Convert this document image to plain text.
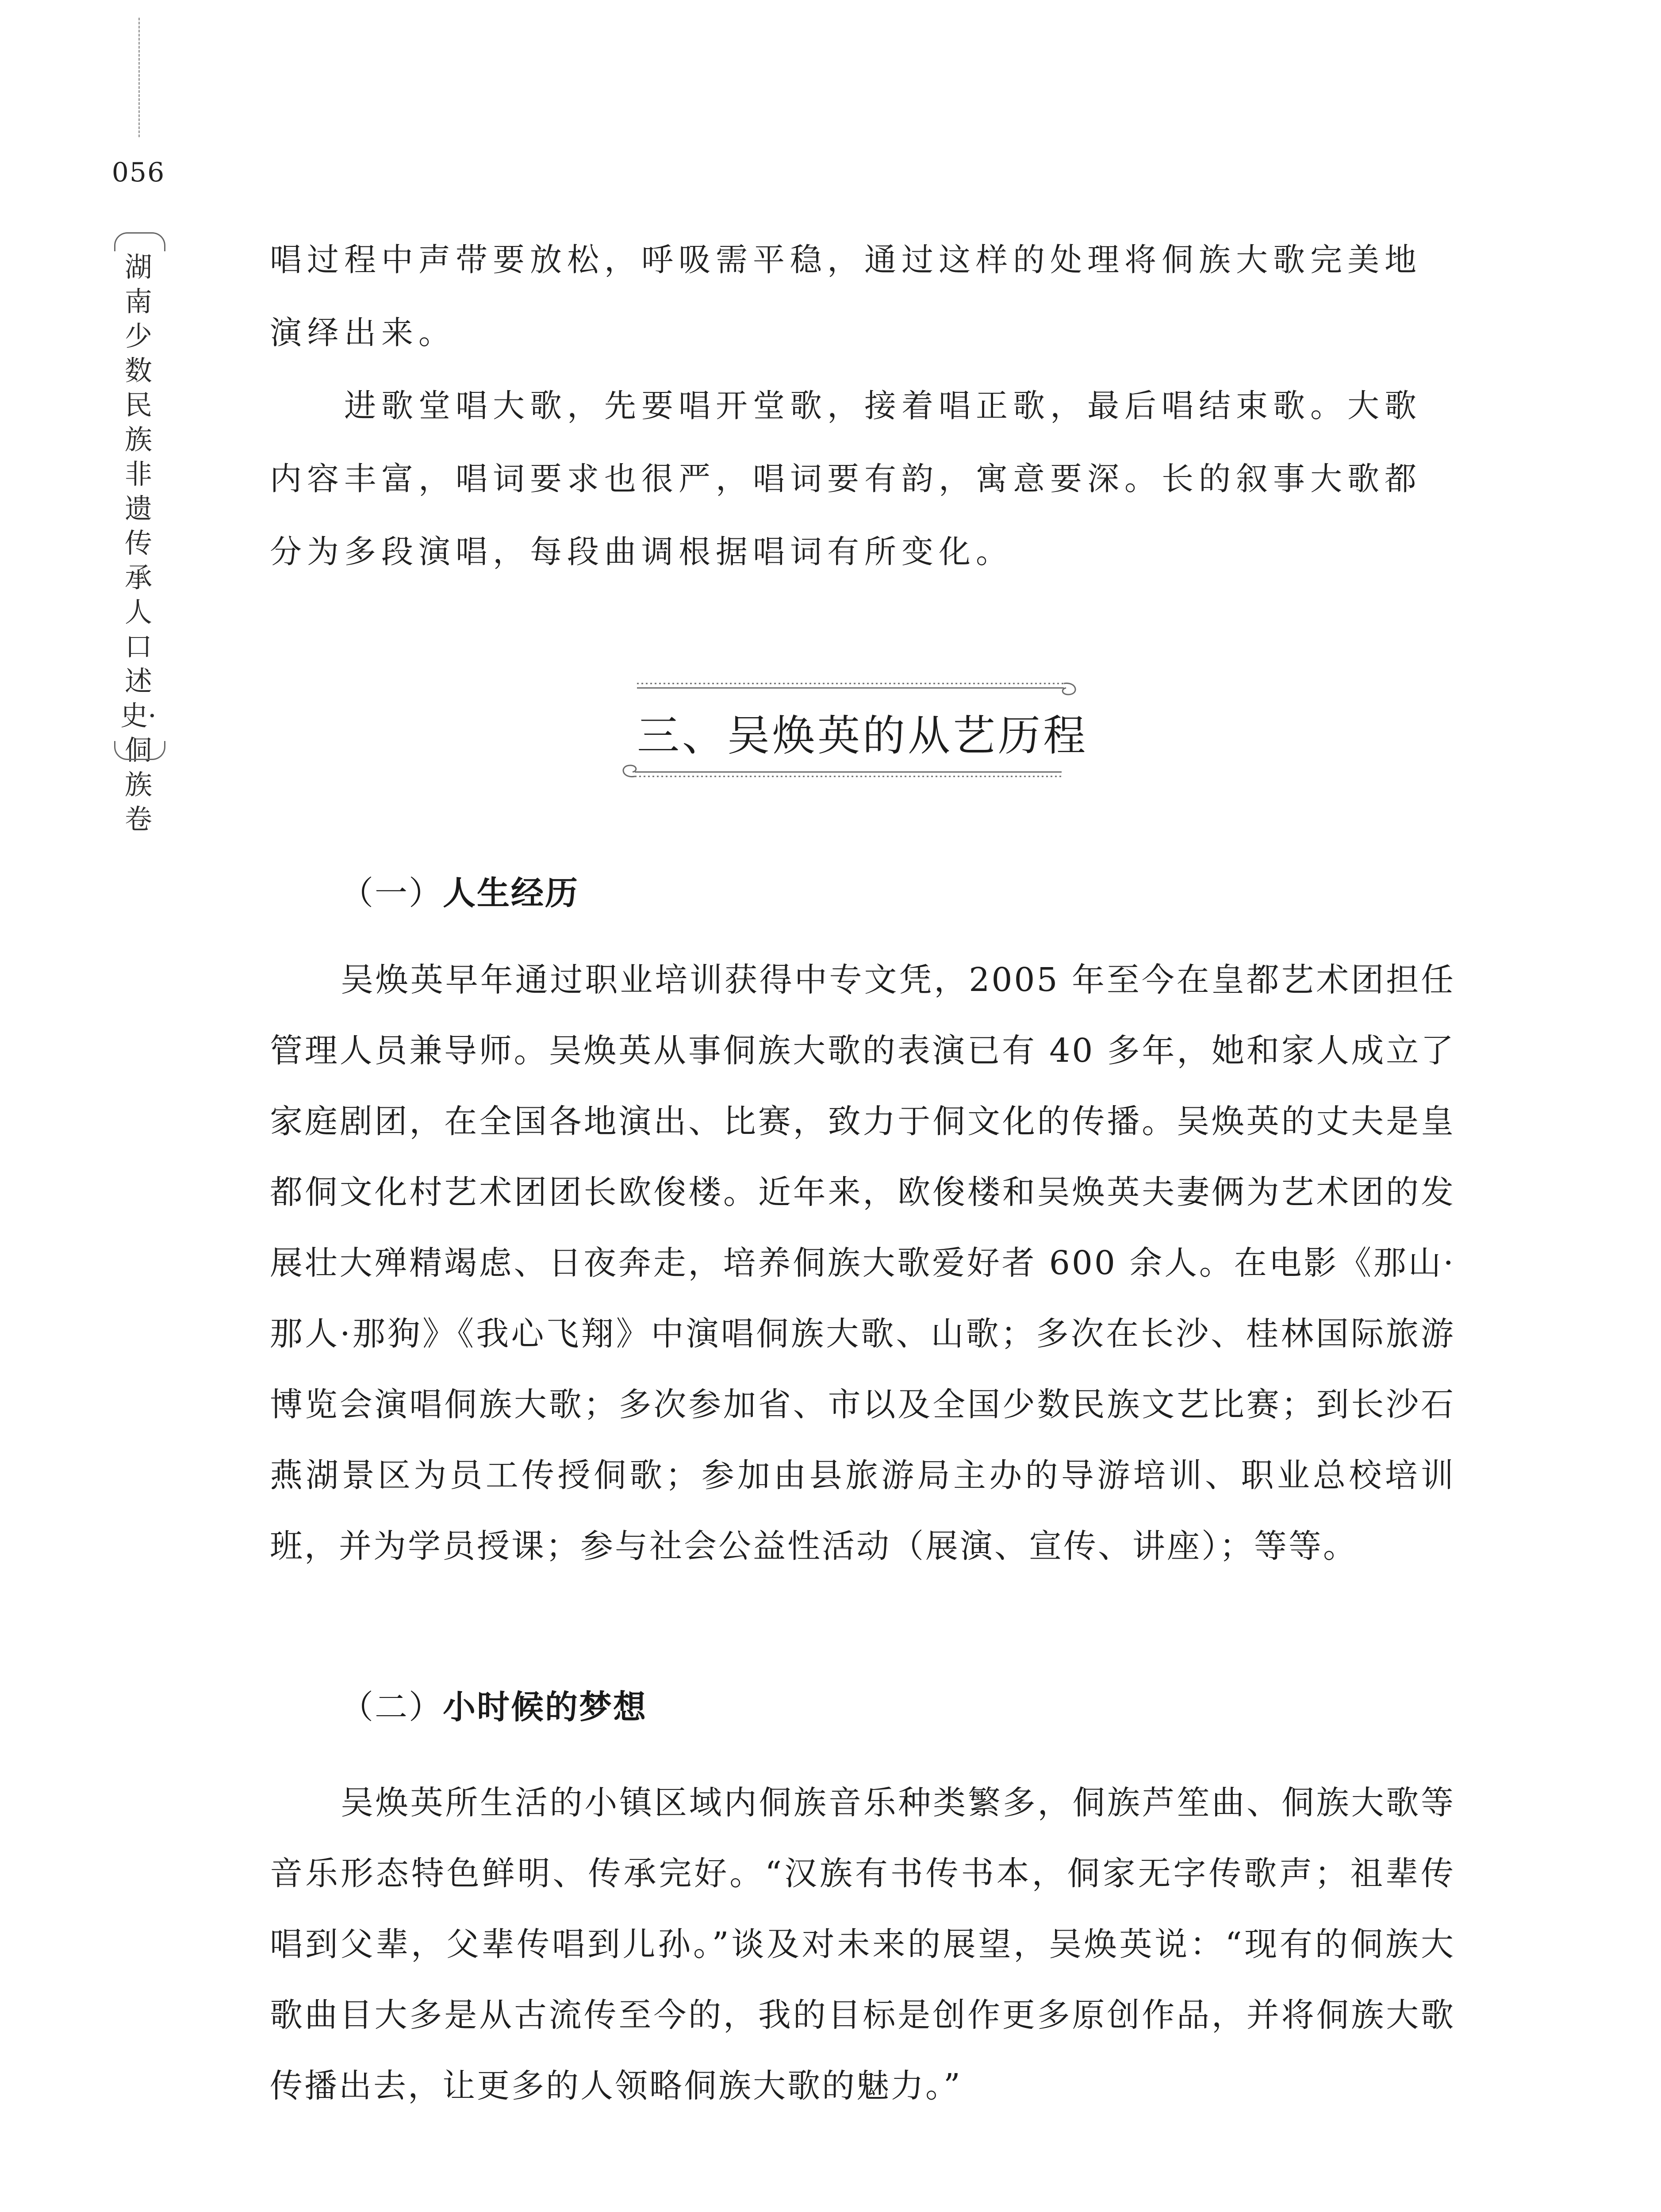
056
湖南少数民族非遗传承人口述史·侗族卷

唱过程中声带要放松，呼吸需平稳，通过这样的处理将侗族大歌完美地演绎出来。

进歌堂唱大歌，先要唱开堂歌，接着唱正歌，最后唱结束歌。大歌内容丰富，唱词要求也很严，唱词要有韵，寓意要深。长的叙事大歌都分为多段演唱，每段曲调根据唱词有所变化。

三、吴焕英的从艺历程

（一）人生经历

吴焕英早年通过职业培训获得中专文凭，2005 年至今在皇都艺术团担任管理人员兼导师。吴焕英从事侗族大歌的表演已有 40 多年，她和家人成立了家庭剧团，在全国各地演出、比赛，致力于侗文化的传播。吴焕英的丈夫是皇都侗文化村艺术团团长欧俊楼。近年来，欧俊楼和吴焕英夫妻俩为艺术团的发展壮大殚精竭虑、日夜奔走，培养侗族大歌爱好者 600 余人。在电影《那山·那人·那狗》《我心飞翔》中演唱侗族大歌、山歌；多次在长沙、桂林国际旅游博览会演唱侗族大歌；多次参加省、市以及全国少数民族文艺比赛；到长沙石燕湖景区为员工传授侗歌；参加由县旅游局主办的导游培训、职业总校培训班，并为学员授课；参与社会公益性活动（展演、宣传、讲座）；等等。

（二）小时候的梦想

吴焕英所生活的小镇区域内侗族音乐种类繁多，侗族芦笙曲、侗族大歌等音乐形态特色鲜明、传承完好。“汉族有书传书本，侗家无字传歌声；祖辈传唱到父辈，父辈传唱到儿孙。”谈及对未来的展望，吴焕英说：“现有的侗族大歌曲目大多是从古流传至今的，我的目标是创作更多原创作品，并将侗族大歌传播出去，让更多的人领略侗族大歌的魅力。”
